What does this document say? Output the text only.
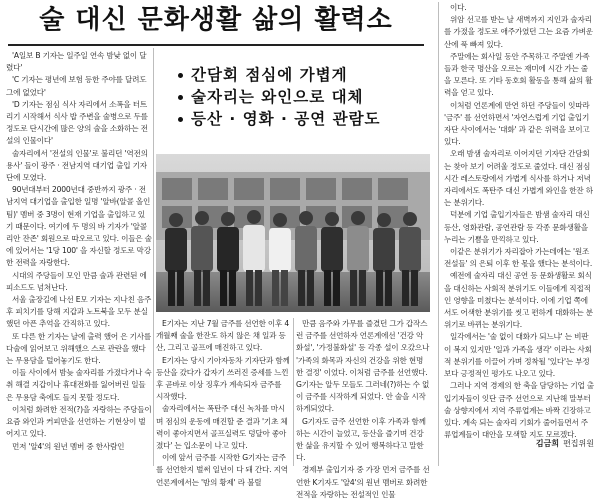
술 대신 문화생활 삶의 활력소

'A일보 B 기자는 일주일 연속 밤낮 없이 달렸다'

'C 기자는 평년에 보험 등한 주야를 달려도 그에 없었다'

'D 기자는 점심 식사 자리에서 소폭을 터트리기 시작해서 식사 밥 주변을 술병으로 두를 정도로 단시간에 많은 양의 술을 소화하는 전설의 인물이다'

술자리에서 '전설의 인물'로 불리던 '역전의 용사' 들이 광주 · 전남지역 대기업 출입 기자단에 모였다.

90년대부터 2000년대 중반까지 광주 · 전남지역 대기업을 출입한 일명 '알바(알콜 올인팀)' 멤버 중 3명이 현재 기업을 출입하고 있기 때문이다. 여기에 두 명의 바 기자가 '알콜리안 잔존' 회원으로 따오르고 있다. 이들은 술에 있어서는 '1당 100' 을 자신할 정도로 막강한 전력을 자랑한다.

시대의 주당들이 모인 만큼 술과 관련된 에피소드도 넘쳐난다.

서울 출장길에 나선 E모 기자는 지나친 음주 후 피치기를 당해 지갑과 노트북을 모두 분실했던 아픈 추억을 간직하고 있다.

또 다른 한 기자는 날에 출력 했어 은 기사를 다술에 읽어보고 위해했으 스로 관란을 했다는 무용담을 털어놓기도 한다.

이들 사이에서 밤늦 술자리를 가졌다거나 숙취 해결 지갑이나 휴대전화를 잃어버린 일들은 무용담 축에도 들지 못할 정도다.

이처럼 화려한 전적(?)을 자랑하는 주당들이 요즘 와인과 커피만을 선언하는 기현상이 벌어지고 있다.

먼저 '알4'의 원년 멤버 중 한사람인

간담회 점심에 가볍게
술자리는 와인으로 대체
등산 · 영화 · 공연 관람도

E기자는 지난 7월 금주를 선언한 이후 4개월째 술을 한잔도 하지 않은 채 일과 등산, 그리고 골프에 매진하고 있다.

E기자는 당시 기아자동차 기자단과 함께 등산을 갔다가 갑자기 쓰러진 증세를 느낀 후 곧바로 이상 징후가 계속되자 금주를 시작했다.

술자리에서는 폭탄주 대신 녹차를 마시며 점심의 운동에 매진할 준 결과 '기초 체력이 좋아지면서 골프실력도 덩달아 좋아졌다' 는 입소문이 나고 있다.

이에 앞서 금주를 시작한 G기자는 금주를 선언한지 벌써 일년이 다 돼 간다. 지역 언론계에서는 '밤의 황제' 라 불릴

만큼 음주와 가무를 즐겼던 그가 갑작스런 금주를 선언하자 언론계에선 '건강 악화설', '가정불화설' 등 각종 설이 오갔으나 '가족의 화목과 자신의 건강을 위한 현명한 결정' 이었다. 이처럼 금주를 선언했다. G기자는 알두 모들도 그러네(?)하는 수 없이 금주를 시작하게 되었다. 안 술을 시작하게되었다.

G기자도 금주 선언한 이후 가족과 함께 하는 시간이 늘었고, 등산을 즐기며 건강한 삶을 유지할 수 있어 행복하다고 말한다.

경제부 출입기자 중 가장 먼저 금주를 선언한 K기자도 '알4'의 원년 멤버로 화려한 전적을 자랑하는 전설적인 인물

이다.

위암 선고를 받는 날 새벽까지 지인과 술자리를 가졌을 정도로 애주가였던 그는 요즘 가벼운 산에 푹 빠져 있다.

주말에는 회사일 동안 주목하고 주말엔 가족들과 한국 명산을 오르는 재미에 시간 가는 줄을 모른다. 또 기타 동호회 활동을 통해 삶의 활력을 얻고 있다.

이처럼 언론계에 만연 하던 주당들이 잇따라 '금주' 를 선언하면서 '자연스럽게 기업 출입기자단 사이에서는 '대화' 과 같은 위력을 보이고 있다.

오래 밤샘 술자리로 이어지던 기자단 간담회는 찾아 보기 어려울 정도로 줄었다. 대신 점심시간 레스토랑에서 가볍게 식사를 하거나 저녁 자리에서도 폭탄주 대신 가볍게 와인을 한잔 하는 분위기다.

덕분에 기업 출입기자들은 밤샘 술자리 대신 등산, 영화관람, 공연관람 등 각종 문화생활을 누리는 기쁨을 만끽하고 있다.

이같은 분위기가 자리잡아 가는데에는 '원조 전설들' 의 은퇴 이후 한 몫을 했다는 분석이다.

예전에 술자리 대신 공연 등 문화생활로 회식을 대신하는 사회적 분위기도 이들에게 직접적인 영향을 미쳤다는 분석이다. 이에 기업 쪽에서도 어색한 분위기를 씻고 편하게 대화하는 분위기로 바뀌는 분위기다.

일각에서는 '술 없이 대화가 되느냐' 는 비판이 복지 있지만 '일과 가족을 생각' 이라는 사회적 분위기를 이끌어 가며 정착될 '있다'는 부정보다 긍정적인 평가도 나오고 있다.

그러나 지역 경제의 한 축을 담당하는 기업 출입기자들이 잇단 금주 선언으로 지난해 말부터 술 상향지에서 지역 주류업계는 바짝 긴장하고 있다. 계속 되는 술자리 기회가 줄어들면서 주류업계들이 대안을 모색할 지도 모르겠다.

김금희 편집위원
